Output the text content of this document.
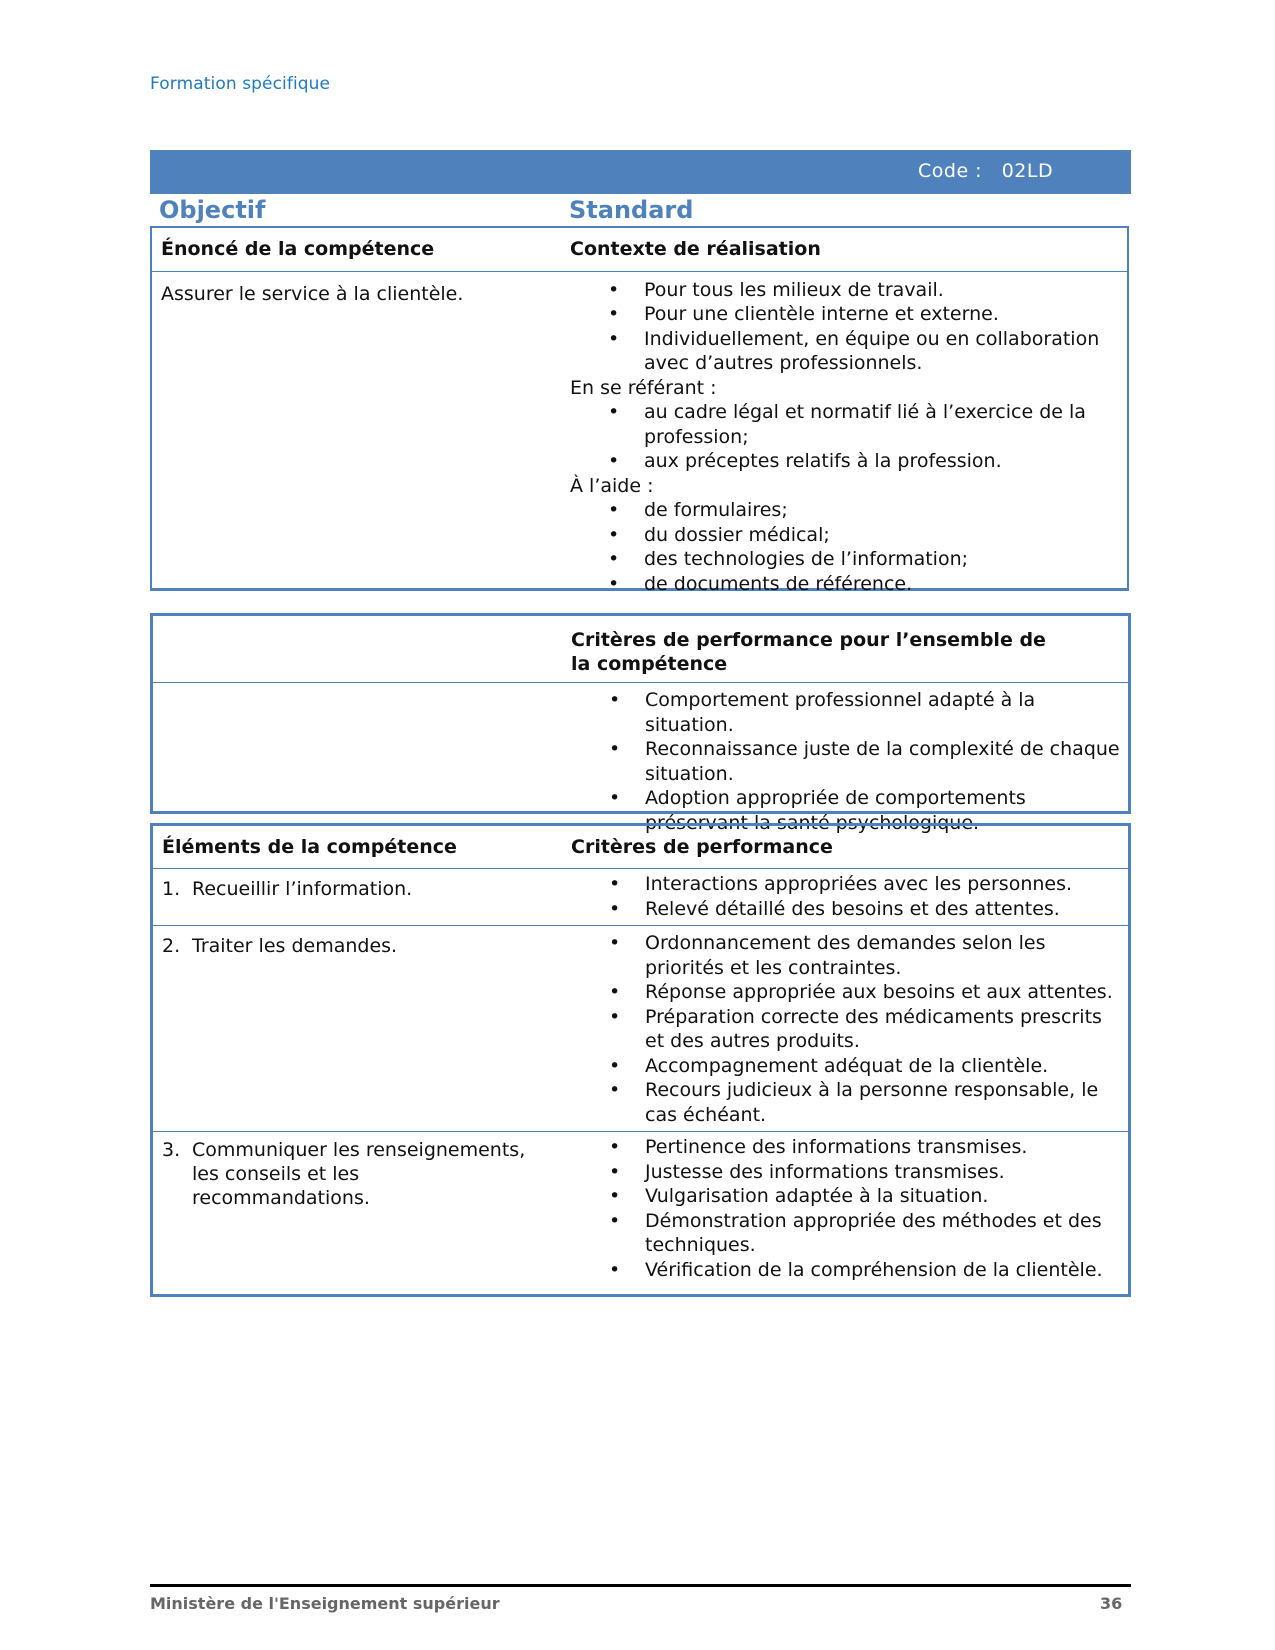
Formation spécifique
Code : 02LD
Objectif	Standard
Énoncé de la compétence	Contexte de réalisation
Assurer le service à la clientèle.	• Pour tous les milieux de travail.
• Pour une clientèle interne et externe.
• Individuellement, en équipe ou en collaboration avec d’autres professionnels.
En se référant :
• au cadre légal et normatif lié à l’exercice de la profession;
• aux préceptes relatifs à la profession.
À l’aide :
• de formulaires;
• du dossier médical;
• des technologies de l’information;
• de documents de référence.
Critères de performance pour l’ensemble de la compétence
• Comportement professionnel adapté à la situation.
• Reconnaissance juste de la complexité de chaque situation.
• Adoption appropriée de comportements préservant la santé psychologique.
Éléments de la compétence	Critères de performance
1. Recueillir l’information.	• Interactions appropriées avec les personnes.
• Relevé détaillé des besoins et des attentes.
2. Traiter les demandes.	• Ordonnancement des demandes selon les priorités et les contraintes.
• Réponse appropriée aux besoins et aux attentes.
• Préparation correcte des médicaments prescrits et des autres produits.
• Accompagnement adéquat de la clientèle.
• Recours judicieux à la personne responsable, le cas échéant.
3. Communiquer les renseignements, les conseils et les recommandations.
• Pertinence des informations transmises.
• Justesse des informations transmises.
• Vulgarisation adaptée à la situation.
• Démonstration appropriée des méthodes et des techniques.
• Vérification de la compréhension de la clientèle.
Ministère de l'Enseignement supérieur	36
